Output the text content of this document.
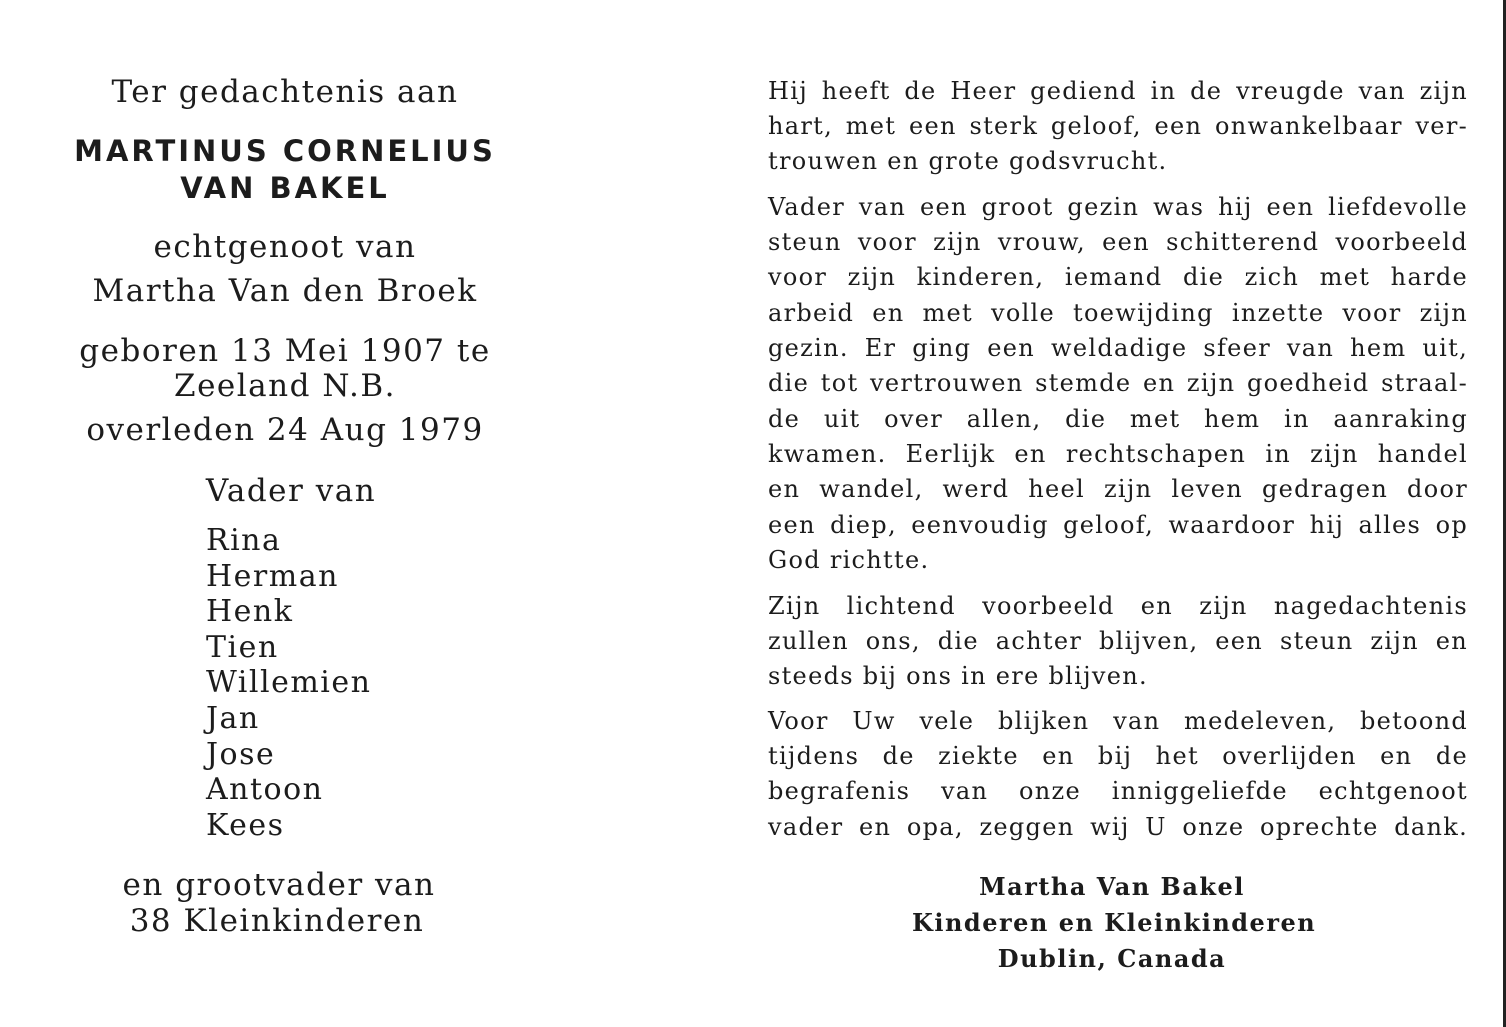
Ter gedachtenis aan
MARTINUS CORNELIUS
VAN BAKEL
echtgenoot van
Martha Van den Broek
geboren 13 Mei 1907 te
Zeeland N.B.
overleden 24 Aug 1979
Vader van
Rina
Herman
Henk
Tien
Willemien
Jan
Jose
Antoon
Kees
en grootvader van
38 Kleinkinderen
Hij heeft de Heer gediend in de vreugde van zijn
hart, met een sterk geloof, een onwankelbaar ver-
trouwen en grote godsvrucht.
Vader van een groot gezin was hij een liefdevolle
steun voor zijn vrouw, een schitterend voorbeeld
voor zijn kinderen, iemand die zich met harde
arbeid en met volle toewijding inzette voor zijn
gezin. Er ging een weldadige sfeer van hem uit,
die tot vertrouwen stemde en zijn goedheid straal-
de uit over allen, die met hem in aanraking
kwamen. Eerlijk en rechtschapen in zijn handel
en wandel, werd heel zijn leven gedragen door
een diep, eenvoudig geloof, waardoor hij alles op
God richtte.
Zijn lichtend voorbeeld en zijn nagedachtenis
zullen ons, die achter blijven, een steun zijn en
steeds bij ons in ere blijven.
Voor Uw vele blijken van medeleven, betoond
tijdens de ziekte en bij het overlijden en de
begrafenis van onze inniggeliefde echtgenoot
vader en opa, zeggen wij U onze oprechte dank.
Martha Van Bakel
Kinderen en Kleinkinderen
Dublin, Canada
